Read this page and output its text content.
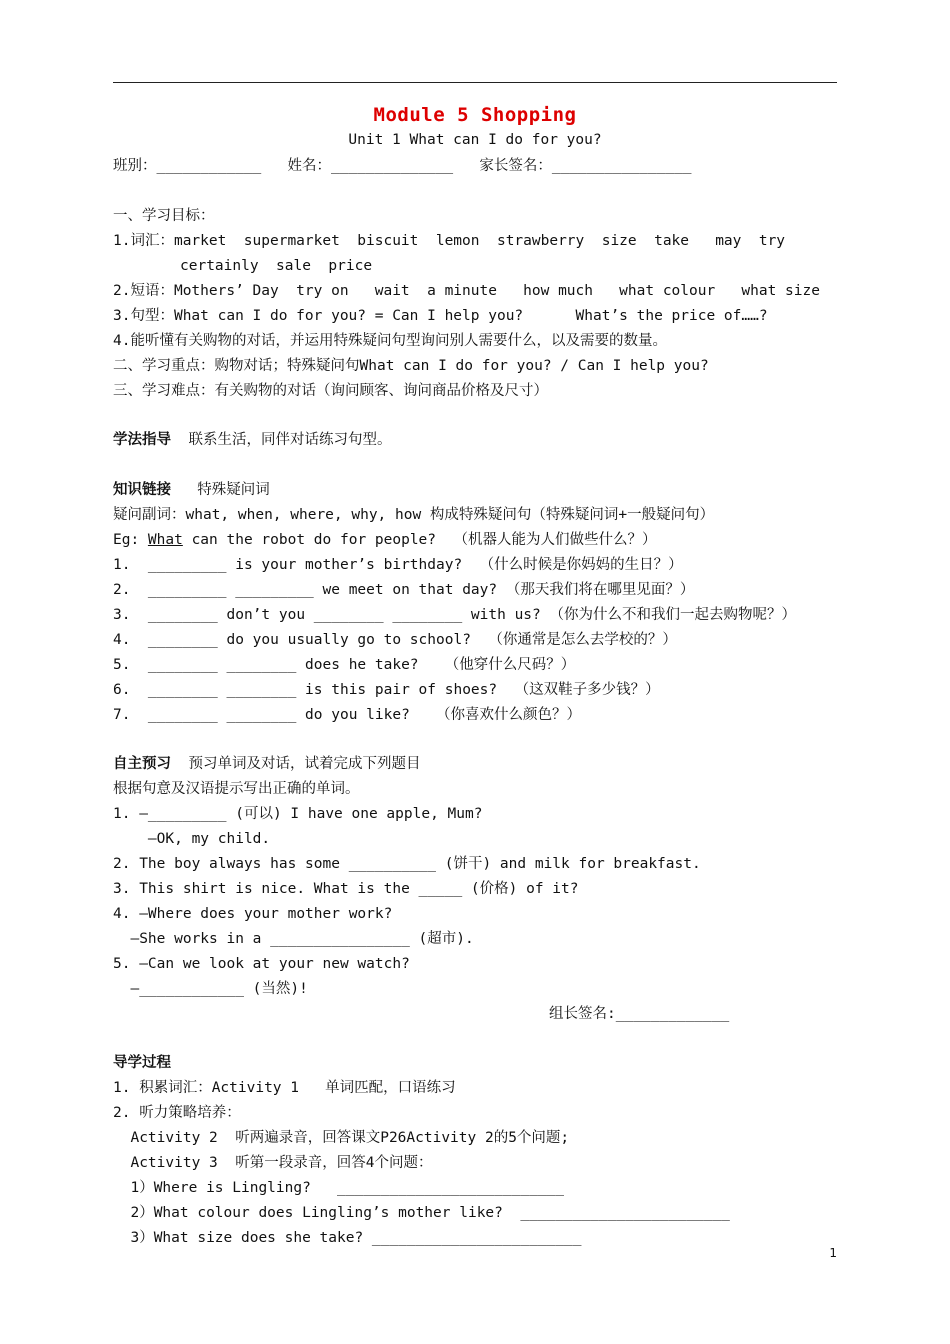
Module 5 Shopping
Unit 1 What can I do for you?
班别：____________   姓名：______________   家长签名：________________
一、学习目标：
1.词汇：market  supermarket  biscuit  lemon  strawberry  size  take   may  try
certainly  sale  price
2.短语：Mothers’ Day  try on   wait  a minute   how much   what colour   what size
3.句型：What can I do for you? = Can I help you?      What’s the price of……?
4.能听懂有关购物的对话，并运用特殊疑问句型询问别人需要什么，以及需要的数量。
二、学习重点：购物对话；特殊疑问句What can I do for you? / Can I help you?
三、学习难点：有关购物的对话（询问顾客、询问商品价格及尺寸）
学法指导  联系生活，同伴对话练习句型。
知识链接   特殊疑问词
疑问副词：what, when, where, why, how 构成特殊疑问句（特殊疑问词+一般疑问句）
Eg: What can the robot do for people?  （机器人能为人们做些什么？）
1.  _________ is your mother’s birthday?  （什么时候是你妈妈的生日？）
2.  _________ _________ we meet on that day? （那天我们将在哪里见面？）
3.  ________ don’t you ________ ________ with us? （你为什么不和我们一起去购物呢？）
4.  ________ do you usually go to school?  （你通常是怎么去学校的？）
5.  ________ ________ does he take?   （他穿什么尺码？）
6.  ________ ________ is this pair of shoes?  （这双鞋子多少钱？）
7.  ________ ________ do you like?   （你喜欢什么颜色？）
自主预习  预习单词及对话，试着完成下列题目
根据句意及汉语提示写出正确的单词。
1. —_________ (可以) I have one apple, Mum?
—OK, my child.
2. The boy always has some __________ (饼干) and milk for breakfast.
3. This shirt is nice. What is the _____ (价格) of it?
4. —Where does your mother work?
—She works in a ________________ (超市).
5. —Can we look at your new watch?
—____________ (当然)!
组长签名:_____________
导学过程
1. 积累词汇：Activity 1   单词匹配，口语练习
2. 听力策略培养：
Activity 2  听两遍录音，回答课文P26Activity 2的5个问题;
Activity 3  听第一段录音，回答4个问题：
1）Where is Lingling?   __________________________
2）What colour does Lingling’s mother like?  ________________________
3）What size does she take? ________________________
1
